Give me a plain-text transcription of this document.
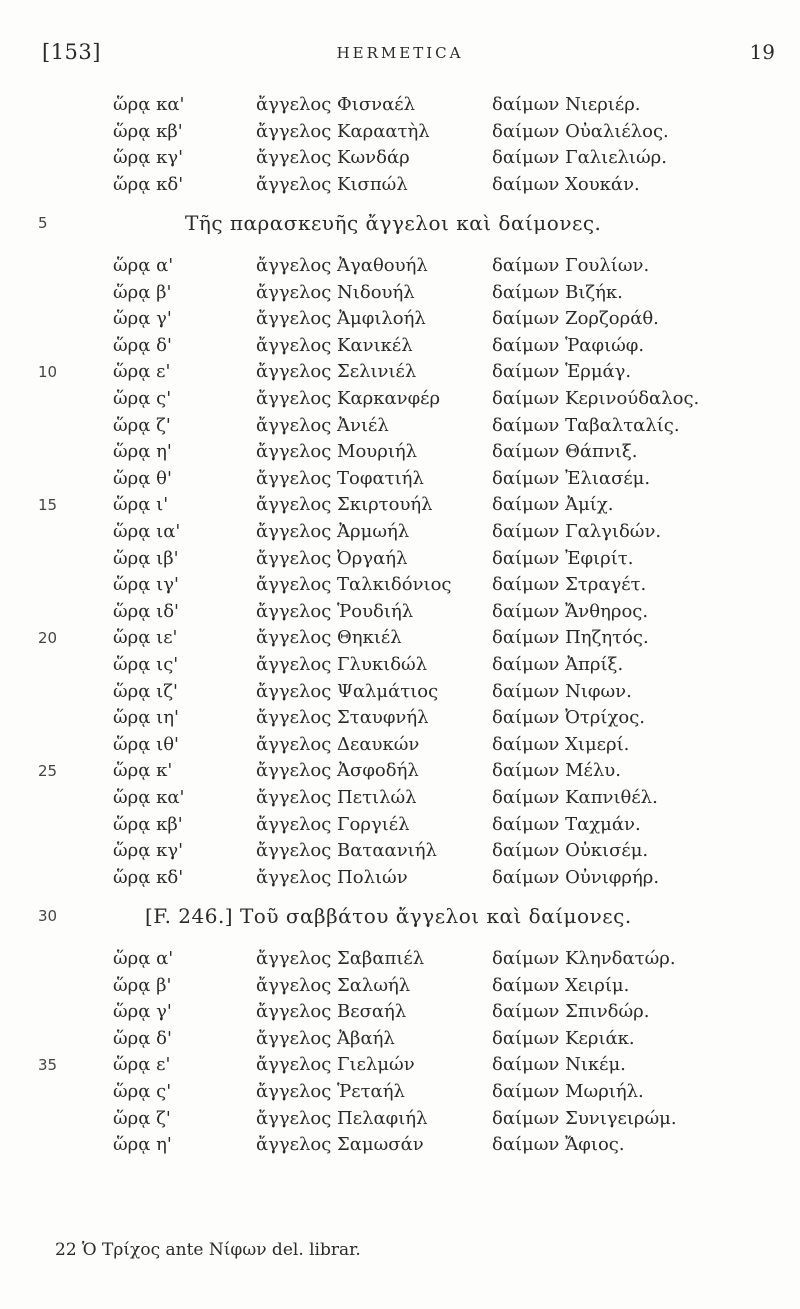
[153]	HERMETICA	19
ὥρᾳ κα'	ἄγγελος Φισναέλ	δαίμων Νιεριέρ.
ὥρᾳ κβ'	ἄγγελος Καραατὴλ	δαίμων Οὐαλιέλος.
ὥρᾳ κγ'	ἄγγελος Κωνδάρ	δαίμων Γαλιελιώρ.
ὥρᾳ κδ'	ἄγγελος Κισπώλ	δαίμων Χουκάν.
5	Τῆς παρασκευῆς ἄγγελοι καὶ δαίμονες.
ὥρᾳ α'	ἄγγελος Ἀγαθουήλ	δαίμων Γουλίων.
ὥρᾳ β'	ἄγγελος Νιδουήλ	δαίμων Βιζήκ.
ὥρᾳ γ'	ἄγγελος Ἀμφιλοήλ	δαίμων Ζορζοράθ.
ὥρᾳ δ'	ἄγγελος Κανικέλ	δαίμων Ῥαφιώφ.
10	ὥρᾳ ε'	ἄγγελος Σελινιέλ	δαίμων Ἑρμάγ.
ὥρᾳ ς'	ἄγγελος Καρκανφέρ	δαίμων Κερινούδαλος.
ὥρᾳ ζ'	ἄγγελος Ἀνιέλ	δαίμων Ταβαλταλίς.
ὥρᾳ η'	ἄγγελος Μουριήλ	δαίμων Θάπνιξ.
ὥρᾳ θ'	ἄγγελος Τοφατιήλ	δαίμων Ἐλιασέμ.
15	ὥρᾳ ι'	ἄγγελος Σκιρτουήλ	δαίμων Ἀμίχ.
ὥρᾳ ια'	ἄγγελος Ἀρμωήλ	δαίμων Γαλγιδών.
ὥρᾳ ιβ'	ἄγγελος Ὀργαήλ	δαίμων Ἐφιρίτ.
ὥρᾳ ιγ'	ἄγγελος Ταλκιδόνιος δαίμων Στραγέτ.
ὥρᾳ ιδ'	ἄγγελος Ῥουδιήλ	δαίμων Ἄνθηρος.
20	ὥρᾳ ιε'	ἄγγελος Θηκιέλ	δαίμων Πηζητός.
ὥρᾳ ις'	ἄγγελος Γλυκιδώλ	δαίμων Ἀπρίξ.
ὥρᾳ ιζ'	ἄγγελος Ψαλμάτιος	δαίμων Νιφων.
ὥρᾳ ιη'	ἄγγελος Σταυφνήλ	δαίμων Ὀτρίχος.
ὥρᾳ ιθ'	ἄγγελος Δεαυκών	δαίμων Χιμερί.
25	ὥρᾳ κ'	ἄγγελος Ἀσφοδήλ	δαίμων Μέλυ.
ὥρᾳ κα'	ἄγγελος Πετιλώλ	δαίμων Καπνιθέλ.
ὥρᾳ κβ'	ἄγγελος Γοργιέλ	δαίμων Ταχμάν.
ὥρᾳ κγ'	ἄγγελος Βαταανιήλ	δαίμων Οὐκισέμ.
ὥρᾳ κδ'	ἄγγελος Πολιών	δαίμων Οὐνιφρήρ.
30	[F. 246.] Τοῦ σαββάτου ἄγγελοι καὶ δαίμονες.
ὥρᾳ α'	ἄγγελος Σαβαπιέλ	δαίμων Κληνδατώρ.
ὥρᾳ β'	ἄγγελος Σαλωήλ	δαίμων Χειρίμ.
ὥρᾳ γ'	ἄγγελος Βεσαήλ	δαίμων Σπινδώρ.
ὥρᾳ δ'	ἄγγελος Ἀβαήλ	δαίμων Κεριάκ.
35	ὥρᾳ ε'	ἄγγελος Γιελμών	δαίμων Νικέμ.
ὥρᾳ ς'	ἄγγελος Ῥεταήλ	δαίμων Μωριήλ.
ὥρᾳ ζ'	ἄγγελος Πελαφιήλ	δαίμων Συνιγειρώμ.
ὥρᾳ η'	ἄγγελος Σαμωσάν	δαίμων Ἄφιος.
22 Ὁ Τρίχος ante Νίφων del. librar.
